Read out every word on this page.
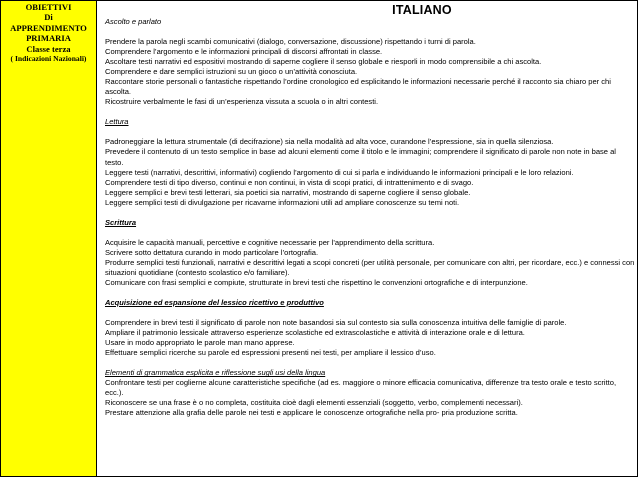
OBIETTIVI
Di
APPRENDIMENTO
PRIMARIA
Classe terza
( Indicazioni Nazionali)
ITALIANO

Ascolto e parlato

Prendere la parola negli scambi comunicativi (dialogo, conversazione, discussione) rispettando i turni di parola.

Comprendere l’argomento e le informazioni principali di discorsi affrontati in classe.

Ascoltare testi narrativi ed espositivi mostrando di saperne cogliere il senso globale e riesporli in modo comprensibile a chi ascolta.

Comprendere e dare semplici istruzioni su un gioco o un’attività conosciuta.

Raccontare storie personali o fantastiche rispettando l’ordine cronologico ed esplicitando le informazioni necessarie perché il racconto sia chiaro per chi ascolta.

Ricostruire verbalmente le fasi di un’esperienza vissuta a scuola o in altri contesti.

Lettura

Padroneggiare la lettura strumentale (di decifrazione) sia nella modalità ad alta voce, curandone l’espressione, sia in quella silenziosa.

Prevedere il contenuto di un testo semplice in base ad alcuni elementi come il titolo e le immagini; comprendere il significato di parole non note in base al testo.

Leggere testi (narrativi, descrittivi, informativi) cogliendo l’argomento di cui si parla e individuando le informazioni principali e le loro relazioni.

Comprendere testi di tipo diverso, continui e non continui, in vista di scopi pratici, di intrattenimento e di svago.

Leggere semplici e brevi testi letterari, sia poetici sia narrativi, mostrando di saperne cogliere il senso globale.

Leggere semplici testi di divulgazione per ricavarne informazioni utili ad ampliare conoscenze su temi noti.

Scrittura

Acquisire le capacità manuali, percettive e cognitive necessarie per l’apprendimento della scrittura.

Scrivere sotto dettatura curando in modo particolare l’ortografia.

Produrre semplici testi funzionali, narrativi e descrittivi legati a scopi concreti (per utilità personale, per comunicare con altri, per ricordare, ecc.) e connessi con situazioni quotidiane (contesto scolastico e/o familiare).

Comunicare con frasi semplici e compiute, strutturate in brevi testi che rispettino le convenzioni ortografiche e di interpunzione.

Acquisizione ed espansione del lessico ricettivo e produttivo

Comprendere in brevi testi il significato di parole non note basandosi sia sul contesto sia sulla conoscenza intuitiva delle famiglie di parole.

Ampliare il patrimonio lessicale attraverso esperienze scolastiche ed extrascolastiche e attività di interazione orale e di lettura.

Usare in modo appropriato le parole man mano apprese.

Effettuare semplici ricerche su parole ed espressioni presenti nei testi, per ampliare il lessico d’uso.

Elementi di grammatica esplicita e riflessione sugli usi della lingua

Confrontare testi per coglierne alcune caratteristiche specifiche (ad es. maggiore o minore efficacia comunicativa, differenze tra testo orale e testo scritto, ecc.).

Riconoscere se una frase è o no completa, costituita cioè dagli elementi essenziali (soggetto, verbo, complementi necessari).

Prestare attenzione alla grafia delle parole nei testi e applicare le conoscenze ortografiche nella pro- pria produzione scritta.
